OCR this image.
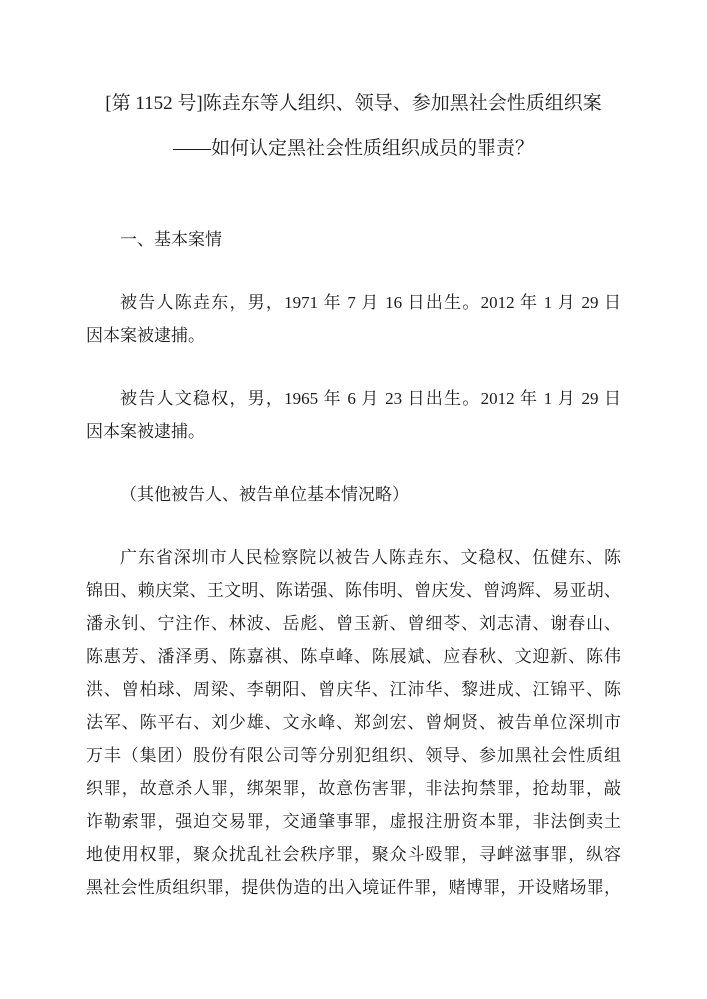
[第 1152 号]陈垚东等人组织、领导、参加黑社会性质组织案
——如何认定黑社会性质组织成员的罪责？
一、基本案情
被告人陈垚东，男，1971 年 7 月 16 日出生。2012 年 1 月 29 日
因本案被逮捕。
被告人文稳权，男，1965 年 6 月 23 日出生。2012 年 1 月 29 日
因本案被逮捕。
（其他被告人、被告单位基本情况略）
广东省深圳市人民检察院以被告人陈垚东、文稳权、伍健东、陈
锦田、赖庆棠、王文明、陈诺强、陈伟明、曾庆发、曾鸿辉、易亚胡、
潘永钊、宁注作、林波、岳彪、曾玉新、曾细苓、刘志清、谢春山、
陈惠芳、潘泽勇、陈嘉祺、陈卓峰、陈展斌、应春秋、文迎新、陈伟
洪、曾柏球、周梁、李朝阳、曾庆华、江沛华、黎进成、江锦平、陈
法军、陈平右、刘少雄、文永峰、郑剑宏、曾炯贤、被告单位深圳市
万丰（集团）股份有限公司等分别犯组织、领导、参加黑社会性质组
织罪，故意杀人罪，绑架罪，故意伤害罪，非法拘禁罪，抢劫罪，敲
诈勒索罪，强迫交易罪，交通肇事罪，虚报注册资本罪，非法倒卖土
地使用权罪，聚众扰乱社会秩序罪，聚众斗殴罪，寻衅滋事罪，纵容
黑社会性质组织罪，提供伪造的出入境证件罪，赌博罪，开设赌场罪，
